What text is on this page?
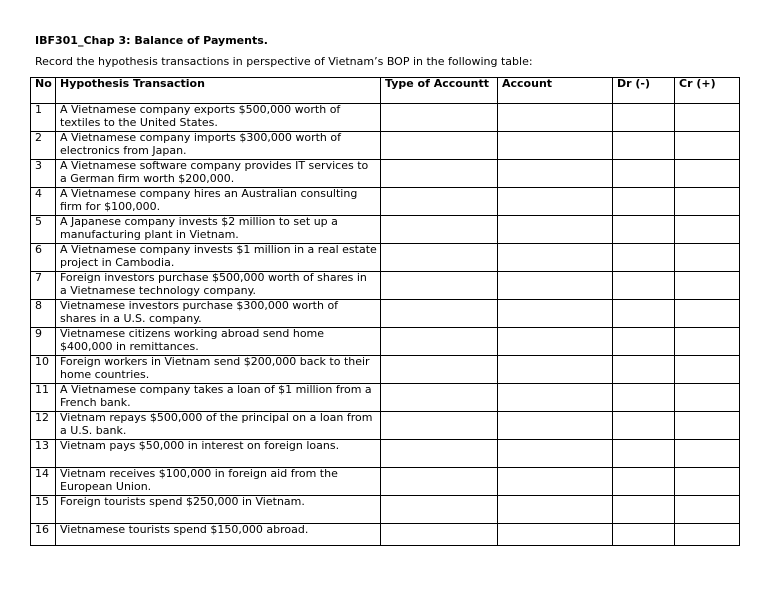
IBF301_Chap 3: Balance of Payments.
Record the hypothesis transactions in perspective of Vietnam’s BOP in the following table:
No	Hypothesis Transaction	Type of Accountt	Account	Dr (-)	Cr (+)
1	A Vietnamese company exports $500,000 worth of textiles to the United States.				
2	A Vietnamese company imports $300,000 worth of electronics from Japan.				
3	A Vietnamese software company provides IT services to a German firm worth $200,000.				
4	A Vietnamese company hires an Australian consulting firm for $100,000.				
5	A Japanese company invests $2 million to set up a manufacturing plant in Vietnam.				
6	A Vietnamese company invests $1 million in a real estate project in Cambodia.				
7	Foreign investors purchase $500,000 worth of shares in a Vietnamese technology company.				
8	Vietnamese investors purchase $300,000 worth of shares in a U.S. company.				
9	Vietnamese citizens working abroad send home $400,000 in remittances.				
10	Foreign workers in Vietnam send $200,000 back to their home countries.				
11	A Vietnamese company takes a loan of $1 million from a French bank.				
12	Vietnam repays $500,000 of the principal on a loan from a U.S. bank.				
13	Vietnam pays $50,000 in interest on foreign loans.				
14	Vietnam receives $100,000 in foreign aid from the European Union.				
15	Foreign tourists spend $250,000 in Vietnam.				
16	Vietnamese tourists spend $150,000 abroad.				
